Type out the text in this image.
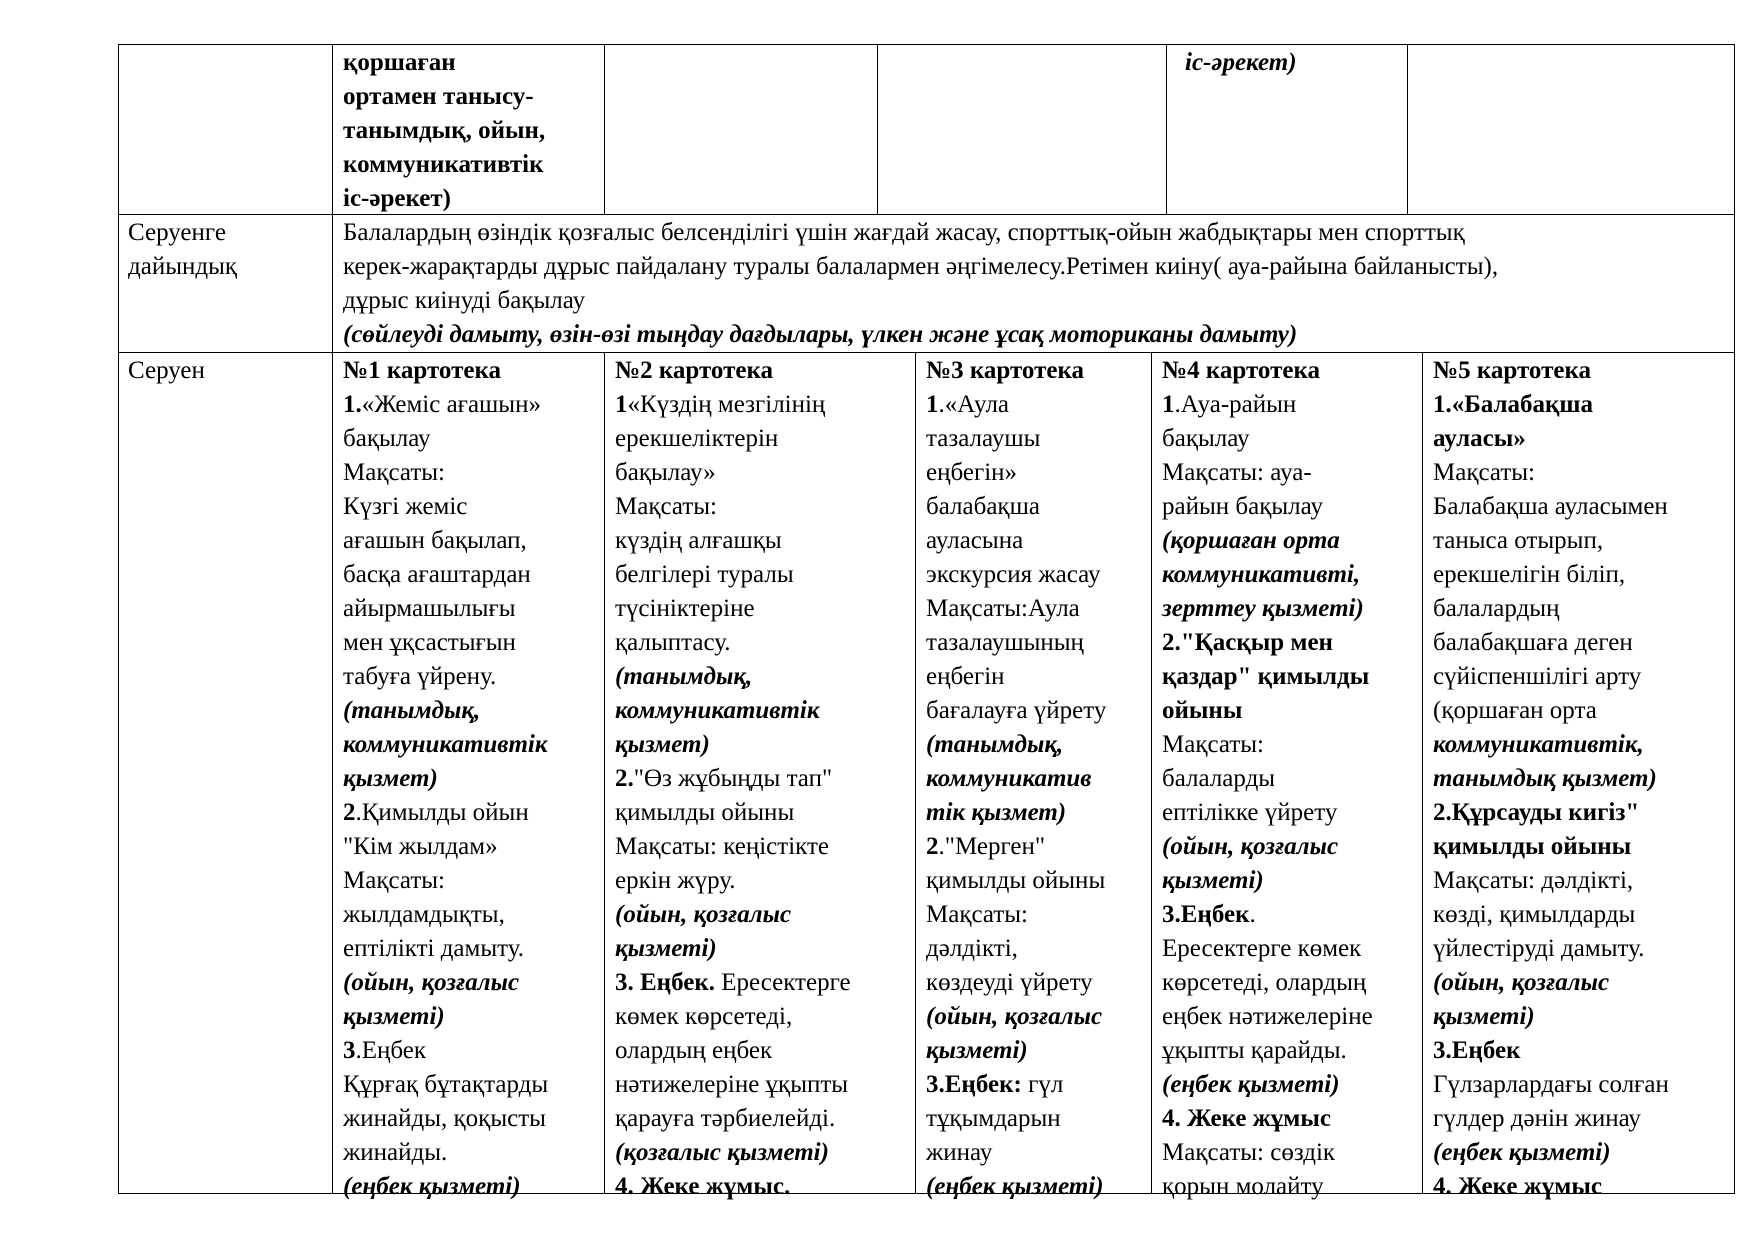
қоршаған
ортамен танысу-
танымдық, ойын,
коммуникативтік
іс-әрекет)
іс-әрекет)
Серуенге
дайындық
Балалардың өзіндік қозғалыс белсенділігі үшін жағдай жасау, спорттық-ойын жабдықтары мен спорттық
керек-жарақтарды дұрыс пайдалану туралы балалармен әңгімелесу.Ретімен киіну( ауа-райына байланысты),
дұрыс киінуді бақылау
(сөйлеуді дамыту, өзін-өзі тыңдау дағдылары, үлкен және ұсақ моториканы дамыту)
Серуен	№1 картотека
1.«Жеміс ағашын»
бақылау
Мақсаты:
Күзгі жеміс
ағашын бақылап,
басқа ағаштардан
айырмашылығы
мен ұқсастығын
табуға үйрену.
(танымдық,
коммуникативтік
қызмет)
2.Қимылды ойын
"Кім жылдам»
Мақсаты:
жылдамдықты,
ептілікті дамыту.
(ойын, қозғалыс
қызметі)
3.Еңбек
Құрғақ бұтақтарды
жинайды, қоқысты
жинайды.
(еңбек қызметі)
№2 картотека
1«Күздің мезгілінің
ерекшеліктерін
бақылау»
Мақсаты:
күздің алғашқы
белгілері туралы
түсініктеріне
қалыптасу.
(танымдық,
коммуникативтік
қызмет)
2."Өз жұбыңды тап"
қимылды ойыны
Мақсаты: кеңістікте
еркін жүру.
(ойын, қозғалыс
қызметі)
3. Еңбек. Ересектерге
көмек көрсетеді,
олардың еңбек
нәтижелеріне ұқыпты
қарауға тәрбиелейді.
(қозғалыс қызметі)
4. Жеке жұмыс.
№3 картотека
1.«Аула
тазалаушы
еңбегін»
балабақша
ауласына
экскурсия жасау
Мақсаты:Аула
тазалаушының
еңбегін
бағалауға үйрету
(танымдық,
коммуникатив
тік қызмет)
2."Мерген"
қимылды ойыны
Мақсаты:
дәлдікті,
көздеуді үйрету
(ойын, қозғалыс
қызметі)
3.Еңбек: гүл
тұқымдарын
жинау
(еңбек қызметі)
№4 картотека
1.Ауа-райын
бақылау
Мақсаты: ауа-
райын бақылау
(қоршаған орта
коммуникативті,
зерттеу қызметі)
2."Қасқыр мен
қаздар" қимылды
ойыны
Мақсаты:
балаларды
ептілікке үйрету
(ойын, қозғалыс
қызметі)
3.Еңбек.
Ересектерге көмек
көрсетеді, олардың
еңбек нәтижелеріне
ұқыпты қарайды.
(еңбек қызметі)
4. Жеке жұмыс
Мақсаты: сөздік
қорын молайту
№5 картотека
1.«Балабақша
ауласы»
Мақсаты:
Балабақша ауласымен
таныса отырып,
ерекшелігін біліп,
балалардың
балабақшаға деген
сүйіспеншілігі арту
(қоршаған орта
коммуникативтік,
танымдық қызмет)
2.Құрсауды кигіз"
қимылды ойыны
Мақсаты: дәлдікті,
көзді, қимылдарды
үйлестіруді дамыту.
(ойын, қозғалыс
қызметі)
3.Еңбек
Гүлзарлардағы солған
гүлдер дәнін жинау
(еңбек қызметі)
4. Жеке жұмыс
